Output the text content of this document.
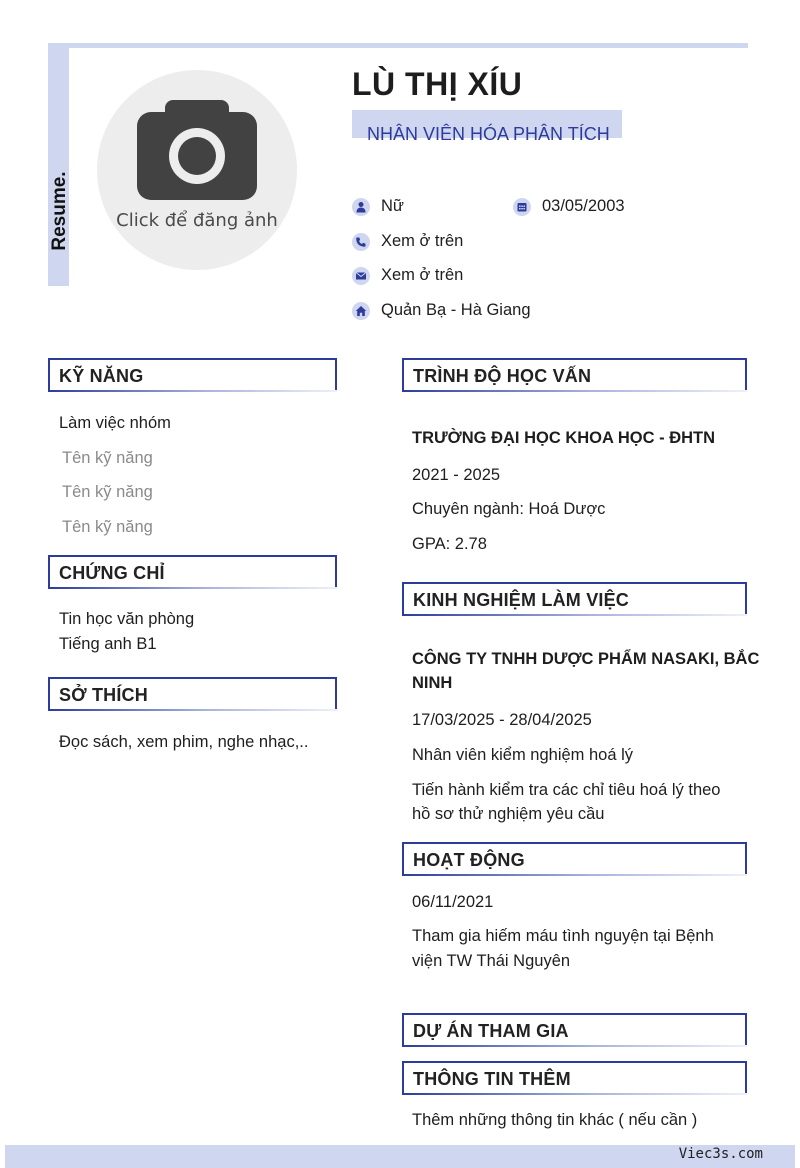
Resume.	Click để đăng ảnh
LÙ THỊ XÍU
NHÂN VIÊN HÓA PHÂN TÍCH
Nữ	03/05/2003
Xem ở trên
Xem ở trên
Quản Bạ - Hà Giang
KỸ NĂNG
Làm việc nhóm
Tên kỹ năng
Tên kỹ năng
Tên kỹ năng
CHỨNG CHỈ
Tin học văn phòng
Tiếng anh B1
SỞ THÍCH
Đọc sách, xem phim, nghe nhạc,..
TRÌNH ĐỘ HỌC VẤN
TRƯỜNG ĐẠI HỌC KHOA HỌC - ĐHTN
2021 - 2025
Chuyên ngành: Hoá Dược
GPA: 2.78
KINH NGHIỆM LÀM VIỆC
CÔNG TY TNHH DƯỢC PHẨM NASAKI, BẮC
NINH
17/03/2025 - 28/04/2025
Nhân viên kiểm nghiệm hoá lý
Tiến hành kiểm tra các chỉ tiêu hoá lý theo
hồ sơ thử nghiệm yêu cầu
HOẠT ĐỘNG
06/11/2021
Tham gia hiếm máu tình nguyện tại Bệnh
viện TW Thái Nguyên
DỰ ÁN THAM GIA
THÔNG TIN THÊM
Thêm những thông tin khác ( nếu cần )
Viec3s.com
